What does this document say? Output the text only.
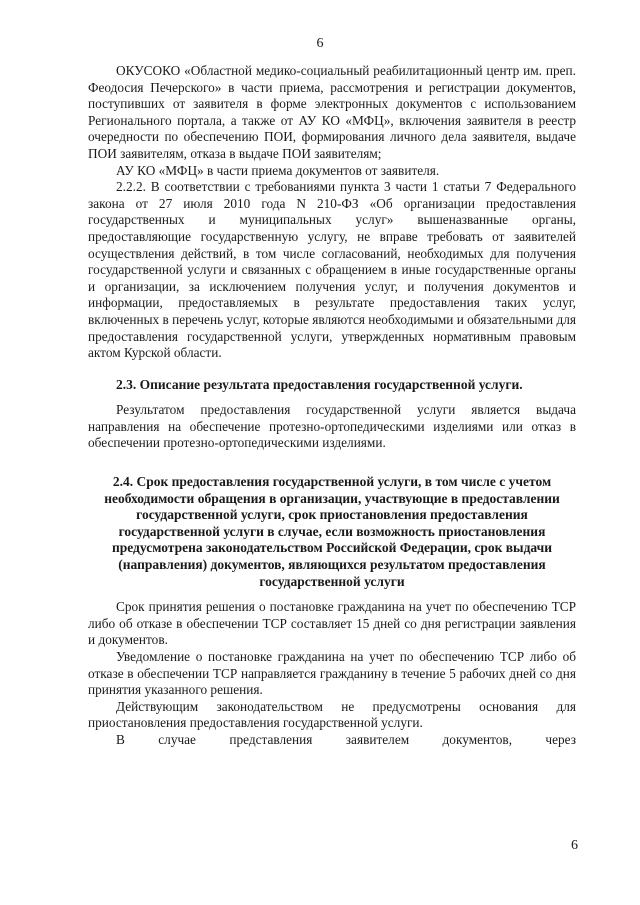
6

ОКУСОКО «Областной медико-социальный реабилитационный центр им. преп. Феодосия Печерского» в части приема, рассмотрения и регистрации документов, поступивших от заявителя в форме электронных документов с использованием Регионального портала, а также от АУ КО «МФЦ», включения заявителя в реестр очередности по обеспечению ПОИ, формирования личного дела заявителя, выдаче ПОИ заявителям, отказа в выдаче ПОИ заявителям;

АУ КО «МФЦ» в части приема документов от заявителя.

2.2.2. В соответствии с требованиями пункта 3 части 1 статьи 7 Федерального закона от 27 июля 2010 года N 210-ФЗ «Об организации предоставления государственных и муниципальных услуг» вышеназванные органы, предоставляющие государственную услугу, не вправе требовать от заявителей осуществления действий, в том числе согласований, необходимых для получения государственной услуги и связанных с обращением в иные государственные органы и организации, за исключением получения услуг, и получения документов и информации, предоставляемых в результате предоставления таких услуг, включенных в перечень услуг, которые являются необходимыми и обязательными для предоставления государственной услуги, утвержденных нормативным правовым актом Курской области.

2.3. Описание результата предоставления государственной услуги.

Результатом предоставления государственной услуги является выдача направления на обеспечение протезно-ортопедическими изделиями или отказ в обеспечении протезно-ортопедическими изделиями.

2.4. Срок предоставления государственной услуги, в том числе с учетом необходимости обращения в организации, участвующие в предоставлении государственной услуги, срок приостановления предоставления государственной услуги в случае, если возможность приостановления предусмотрена законодательством Российской Федерации, срок выдачи (направления) документов, являющихся результатом предоставления государственной услуги

Срок принятия решения о постановке гражданина на учет по обеспечению ТСР либо об отказе в обеспечении ТСР составляет 15 дней со дня регистрации заявления и документов.

Уведомление о постановке гражданина на учет по обеспечению ТСР либо об отказе в обеспечении ТСР направляется гражданину в течение 5 рабочих дней со дня принятия указанного решения.

Действующим законодательством не предусмотрены основания для приостановления предоставления государственной услуги.

В случае представления заявителем документов, через

6
